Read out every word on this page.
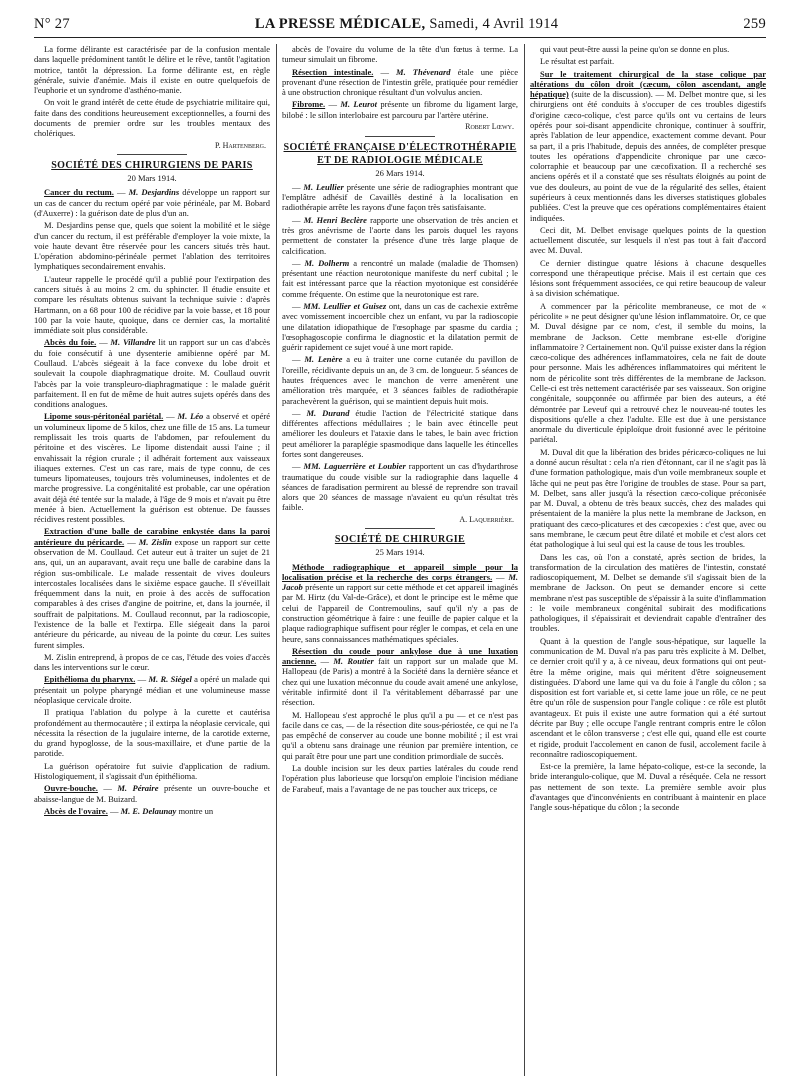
N° 27	LA PRESSE MÉDICALE, Samedi, 4 Avril 1914	259

La forme délirante est caractérisée par de la confusion mentale dans laquelle prédominent tantôt le délire et le rêve, tantôt l'agitation motrice, tantôt la dépression. La forme délirante est, en règle générale, suivie d'anémie. Mais il existe en outre quelquefois de l'euphorie et un syndrome d'asthéno-manie.

On voit le grand intérêt de cette étude de psychiatrie militaire qui, faite dans des conditions heureusement exceptionnelles, a fourni des documents de premier ordre sur les troubles mentaux des cholériques.

P. Hartenberg.
SOCIÉTÉ DES CHIRURGIENS DE PARIS
20 Mars 1914.

Cancer du rectum. — M. Desjardins développe un rapport sur un cas de cancer du rectum opéré par voie périnéale, par M. Bobard (d'Auxerre) : la guérison date de plus d'un an.

M. Desjardins pense que, quels que soient la mobilité et le siège d'un cancer du rectum, il est préférable d'employer la voie mixte, la voie haute devant être réservée pour les cancers situés très haut. L'opération abdomino-périnéale permet l'ablation des territoires lymphatiques secondairement envahis.

L'auteur rappelle le procédé qu'il a publié pour l'extirpation des cancers situés à au moins 2 cm. du sphincter. Il étudie ensuite et compare les résultats obtenus suivant la technique suivie : d'après Hartmann, on a 68 pour 100 de récidive par la voie basse, et 18 pour 100 par la voie haute, quoique, dans ce dernier cas, la mortalité immédiate soit plus considérable.

Abcès du foie. — M. Villandre lit un rapport sur un cas d'abcès du foie consécutif à une dysenterie amibienne opéré par M. Coullaud. L'abcès siégeait à la face convexe du lobe droit et soulevait la coupole diaphragmatique droite. M. Coullaud ouvrit l'abcès par la voie transpleuro-diaphragmatique : le malade guérit parfaitement. Il en fut de même de huit autres sujets opérés dans des conditions analogues.

Lipome sous-péritonéal pariétal. — M. Léo a observé et opéré un volumineux lipome de 5 kilos, chez une fille de 15 ans. La tumeur remplissait les trois quarts de l'abdomen, par refoulement du péritoine et des viscères. Le lipome distendait aussi l'aine ; il envahissait la région crurale ; il adhérait fortement aux vaisseaux iliaques externes. C'est un cas rare, mais de type connu, de ces tumeurs lipomateuses, toujours très volumineuses, indolentes et de marche progressive. La congénitalité est probable, car une opération avait déjà été tentée sur la malade, à l'âge de 9 mois et n'avait pu être menée à bien. Actuellement la guérison est obtenue. De fausses récidives restent possibles.

Extraction d'une balle de carabine enkystée dans la paroi antérieure du péricarde. — M. Zislin expose un rapport sur cette observation de M. Coullaud. Cet auteur eut à traiter un sujet de 21 ans, qui, un an auparavant, avait reçu une balle de carabine dans la région sus-ombilicale. Le malade ressentait de vives douleurs intercostales localisées dans le sixième espace gauche. Il s'éveillait fréquemment dans la nuit, en proie à des accès de suffocation comparables à des crises d'angine de poitrine, et, dans la journée, il souffrait de palpitations. M. Coullaud reconnut, par la radioscopie, l'existence de la balle et l'extirpa. Elle siégeait dans la paroi antérieure du péricarde, au niveau de la pointe du cœur. Les suites furent simples.

M. Zislin entreprend, à propos de ce cas, l'étude des voies d'accès dans les interventions sur le cœur.

Epithélioma du pharynx. — M. R. Siégel a opéré un malade qui présentait un polype pharyngé médian et une volumineuse masse néoplasique cervicale droite.

Il pratiqua l'ablation du polype à la curette et cautérisa profondément au thermocautère ; il extirpa la néoplasie cervicale, qui nécessita la résection de la jugulaire interne, de la carotide externe, du grand hypoglosse, de la sous-maxillaire, et d'une partie de la parotide.

La guérison opératoire fut suivie d'application de radium. Histologiquement, il s'agissait d'un épithélioma.

Ouvre-bouche. — M. Péraire présente un ouvre-bouche et abaisse-langue de M. Buizard.

Abcès de l'ovaire. — M. E. Delaunay montre un

abcès de l'ovaire du volume de la tête d'un fœtus à terme. La tumeur simulait un fibrome.

Résection intestinale. — M. Thévenard étale une pièce provenant d'une résection de l'intestin grêle, pratiquée pour remédier à une obstruction chronique résultant d'un volvulus ancien.

Fibrome. — M. Leurot présente un fibrome du ligament large, bilobé : le sillon interlobaire est parcouru par l'artère utérine.

Robert Lœwy.
SOCIÉTÉ FRANÇAISE D'ÉLECTROTHÉRAPIE ET DE RADIOLOGIE MÉDICALE
26 Mars 1914.

— M. Leullier présente une série de radiographies montrant que l'emplâtre adhésif de Cavaillès destiné à la localisation en radiothérapie arrête les rayons d'une façon très satisfaisante.

— M. Henri Beclère rapporte une observation de très ancien et très gros anévrisme de l'aorte dans les parois duquel les rayons permettent de constater la présence d'une très large plaque de calcification.

— M. Dolherm a rencontré un malade (maladie de Thomsen) présentant une réaction neurotonique manifeste du nerf cubital ; le fait est intéressant parce que la réaction myotonique est considérée comme fréquente. On estime que la neurotonique est rare.

— MM. Leullier et Guisez ont, dans un cas de cachexie extrême avec vomissement incoercible chez un enfant, vu par la radioscopie une dilatation idiopathique de l'œsophage par spasme du cardia ; l'œsophagoscopie confirma le diagnostic et la dilatation permit de guérir rapidement ce sujet voué à une mort rapide.

— M. Lenère a eu à traiter une corne cutanée du pavillon de l'oreille, récidivante depuis un an, de 3 cm. de longueur. 5 séances de hautes fréquences avec le manchon de verre amenèrent une amélioration très marquée, et 3 séances faibles de radiothérapie parachevèrent la guérison, qui se maintient depuis huit mois.

— M. Durand étudie l'action de l'électricité statique dans différentes affections médullaires ; le bain avec étincelle peut améliorer les douleurs et l'ataxie dans le tabes, le bain avec friction peut améliorer la paraplégie spasmodique dans laquelle les étincelles fortes sont dangereuses.

— MM. Laguerrière et Loubier rapportent un cas d'hydarthrose traumatique du coude visible sur la radiographie dans laquelle 4 séances de faradisation permirent au blessé de reprendre son travail alors que 20 séances de massage n'avaient eu qu'un résultat très faible.

A. Laquerrière.
SOCIÉTÉ DE CHIRURGIE
25 Mars 1914.

Méthode radiographique et appareil simple pour la localisation précise et la recherche des corps étrangers. — M. Jacob présente un rapport sur cette méthode et cet appareil imaginés par M. Hirtz (du Val-de-Grâce), et dont le principe est le même que celui de l'appareil de Contremoulins, sauf qu'il n'y a pas de construction géométrique à faire : une feuille de papier calque et la plaque radiographique suffisent pour régler le compas, et cela en une heure, sans connaissances mathématiques spéciales.

Résection du coude pour ankylose due à une luxation ancienne. — M. Routier fait un rapport sur un malade que M. Hallopeau (de Paris) a montré à la Société dans la dernière séance et chez qui une luxation méconnue du coude avait amené une ankylose, véritable infirmité dont il l'a véritablement débarrassé par une résection.

M. Hallopeau s'est approché le plus qu'il a pu — et ce n'est pas facile dans ce cas, — de la résection dite sous-périostée, ce qui ne l'a pas empêché de conserver au coude une bonne mobilité ; il est vrai qu'il a obtenu sans drainage une réunion par première intention, ce qui paraît être pour une part une condition primordiale de succès.

La double incision sur les deux parties latérales du coude rend l'opération plus laborieuse que lorsqu'on emploie l'incision médiane de Farabeuf, mais a l'avantage de ne pas toucher aux triceps, ce

qui vaut peut-être aussi la peine qu'on se donne en plus.

Le résultat est parfait.

Sur le traitement chirurgical de la stase colique par altérations du côlon droit (cæcum, côlon ascendant, angle hépatique) (suite de la discussion). — M. Delbet montre que, si les chirurgiens ont été conduits à s'occuper de ces troubles digestifs d'origine cæco-colique, c'est parce qu'ils ont vu certains de leurs opérés pour soi-disant appendicite chronique, continuer à souffrir, après l'ablation de leur appendice, exactement comme devant. Pour sa part, il a pris l'habitude, depuis des années, de compléter presque toutes les opérations d'appendicite chronique par une cæco-colorraphie et beaucoup par une cæcofixation. Il a recherché ses anciens opérés et il a constaté que ses résultats éloignés au point de vue des douleurs, au point de vue de la régularité des selles, étaient supérieurs à ceux mentionnés dans les diverses statistiques globales publiées. C'est la preuve que ces opérations complémentaires étaient indiquées.

Ceci dit, M. Delbet envisage quelques points de la question actuellement discutée, sur lesquels il n'est pas tout à fait d'accord avec M. Duval.

Ce dernier distingue quatre lésions à chacune desquelles correspond une thérapeutique précise. Mais il est certain que ces lésions sont fréquemment associées, ce qui retire beaucoup de valeur à sa division schématique.

A commencer par la péricolite membraneuse, ce mot de « péricolite » ne peut désigner qu'une lésion inflammatoire. Or, ce que M. Duval désigne par ce nom, c'est, il semble du moins, la membrane de Jackson. Cette membrane est-elle d'origine inflammatoire ? Certainement non. Qu'il puisse exister dans la région cæco-colique des adhérences inflammatoires, cela ne fait de doute pour personne. Mais les adhérences inflammatoires qui méritent le nom de péricolite sont très différentes de la membrane de Jackson. Celle-ci est très nettement caractérisée par ses vaisseaux. Son origine congénitale, soupçonnée ou affirmée par bien des auteurs, a été démontrée par Leveuf qui a retrouvé chez le nouveau-né toutes les dispositions qu'elle a chez l'adulte. Elle est due à une persistance anormale du diverticule épiploïque droit fusionné avec le péritoine pariétal.

M. Duval dit que la libération des brides péricæco-coliques ne lui a donné aucun résultat : cela n'a rien d'étonnant, car il ne s'agit pas là d'une formation pathologique, mais d'un voile membraneux souple et lâche qui ne peut pas être l'origine de troubles de stase. Pour sa part, M. Delbet, sans aller jusqu'à la résection cæco-colique préconisée par M. Duval, a obtenu de très beaux succès, chez des malades qui présentaient de la manière la plus nette la membrane de Jackson, en pratiquant des cæco-plicatures et des cæcopexies : c'est que, avec ou sans membrane, le cæcum peut être dilaté et mobile et c'est alors cet état pathologique à lui seul qui est la cause de tous les troubles.

Dans les cas, où l'on a constaté, après section de brides, la transformation de la circulation des matières de l'intestin, constaté radioscopiquement, M. Delbet se demande s'il s'agissait bien de la membrane de Jackson. On peut se demander encore si cette membrane n'est pas susceptible de s'épaissir à la suite d'inflammation : le voile membraneux congénital subirait des modifications pathologiques, il s'épaissirait et deviendrait capable d'entraîner des troubles.

Quant à la question de l'angle sous-hépatique, sur laquelle la communication de M. Duval n'a pas paru très explicite à M. Delbet, ce dernier croit qu'il y a, à ce niveau, deux formations qui ont peut-être la même origine, mais qui méritent d'être soigneusement distinguées. D'abord une lame qui va du foie à l'angle du côlon ; sa disposition est fort variable et, si cette lame joue un rôle, ce ne peut être qu'un rôle de suspension pour l'angle colique : ce rôle est plutôt avantageux. Et puis il existe une autre formation qui a été surtout décrite par Buy ; elle occupe l'angle rentrant compris entre le côlon ascendant et le côlon transverse ; c'est elle qui, quand elle est courte et rigide, produit l'accolement en canon de fusil, accolement facile à reconnaître radioscopiquement.

Est-ce la première, la lame hépato-colique, est-ce la seconde, la bride interangulo-colique, que M. Duval a réséquée. Cela ne ressort pas nettement de son texte. La première semble avoir plus d'avantages que d'inconvénients en contribuant à maintenir en place l'angle sous-hépatique du côlon ; la seconde
